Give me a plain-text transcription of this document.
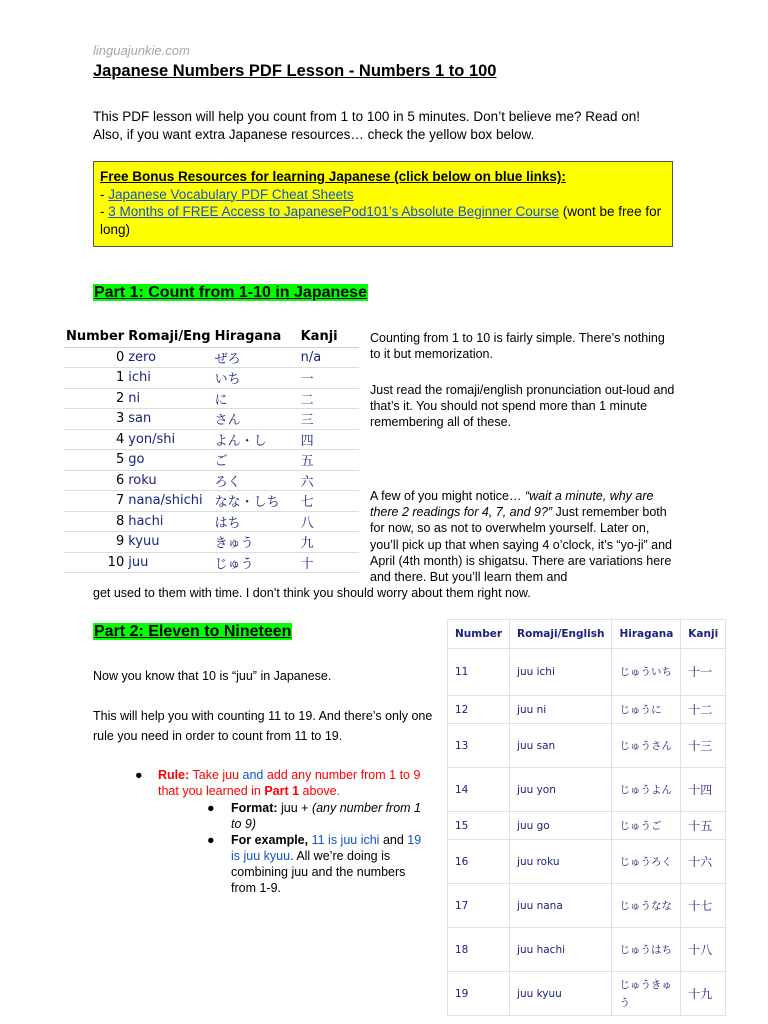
linguajunkie.com
Japanese Numbers PDF Lesson - Numbers 1 to 100
This PDF lesson will help you count from 1 to 100 in 5 minutes. Don’t believe me? Read on!
Also, if you want extra Japanese resources… check the yellow box below.
Free Bonus Resources for learning Japanese (click below on blue links):
- Japanese Vocabulary PDF Cheat Sheets
- 3 Months of FREE Access to JapanesePod101’s Absolute Beginner Course (wont be free for long)
Part 1: Count from 1-10 in Japanese
Number	Romaji/Eng	Hiragana	Kanji
0	zero	ぜろ	n/a
1	ichi	いち	一
2	ni	に	二
3	san	さん	三
4	yon/shi	よん・し	四
5	go	ご	五
6	roku	ろく	六
7	nana/shichi	なな・しち	七
8	hachi	はち	八
9	kyuu	きゅう	九
10	juu	じゅう	十
Counting from 1 to 10 is fairly simple. There’s nothing to it but memorization.
Just read the romaji/english pronunciation out-loud and that’s it. You should not spend more than 1 minute remembering all of these.
A few of you might notice… “wait a minute, why are there 2 readings for 4, 7, and 9?” Just remember both for now, so as not to overwhelm yourself. Later on, you’ll pick up that when saying 4 o’clock, it’s “yo-ji” and April (4th month) is shigatsu. There are variations here and there. But you’ll learn them and
get used to them with time. I don’t think you should worry about them right now.
Part 2: Eleven to Nineteen
Now you know that 10 is “juu” in Japanese.
This will help you with counting 11 to 19. And there’s only one rule you need in order to count from 11 to 19.
● Rule: Take juu and add any number from 1 to 9 that you learned in Part 1 above.
● Format: juu + (any number from 1 to 9)
● For example, 11 is juu ichi and 19 is juu kyuu. All we’re doing is combining juu and the numbers from 1-9.
Number	Romaji/English	Hiragana	Kanji
11	juu ichi	じゅういち	十一
12	juu ni	じゅうに	十二
13	juu san	じゅうさん	十三
14	juu yon	じゅうよん	十四
15	juu go	じゅうご	十五
16	juu roku	じゅうろく	十六
17	juu nana	じゅうなな	十七
18	juu hachi	じゅうはち	十八
19	juu kyuu	じゅうきゅう	十九
